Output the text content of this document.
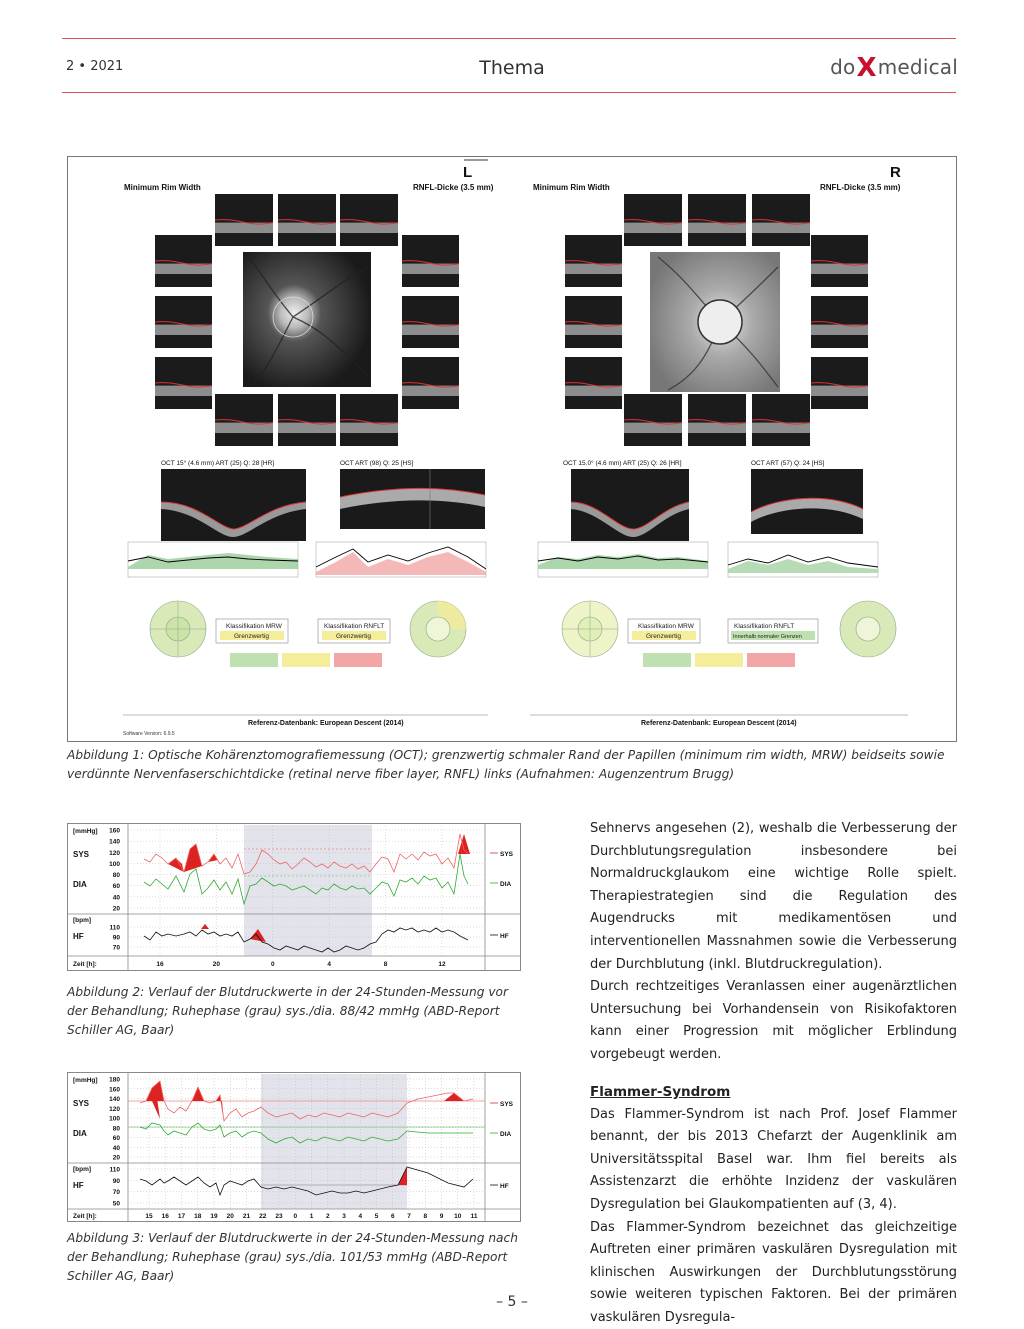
2 • 2021	Thema	doXmedical
L
Minimum Rim Width	RNFL-Dicke (3.5 mm)
OCT 15° (4.6 mm) ART (25) Q: 28 [HR]	OCT ART (98) Q: 25 [HS]
Klassifikation MRW
Grenzwertig
Klassifikation RNFLT
Grenzwertig
R
Minimum Rim Width	RNFL-Dicke (3.5 mm)
OCT 15.0° (4.6 mm) ART (25) Q: 26 [HR]	OCT ART (57) Q: 24 [HS]
Klassifikation MRW
Grenzwertig
Klassifikation RNFLT
Innerhalb normaler Grenzen
Referenz-Datenbank: European Descent (2014)	Referenz-Datenbank: European Descent (2014)
Software Version: 6.9.5
Abbildung 1: Optische Kohärenztomografiemessung (OCT); grenzwertig schmaler Rand der Papillen (minimum rim width, MRW) beidseits sowie verdünnte Nervenfaserschichtdicke (retinal nerve fiber layer, RNFL) links (Aufnahmen: Augenzentrum Brugg)
[mmHg]
SYS
DIA
[bpm]
HF
Zeit [h]:
160
140
120
100
80
60
40
20
110
90
70
16	20	0	4	8	12
SYS
DIA
HF
Abbildung 2: Verlauf der Blutdruckwerte in der 24-Stunden-Messung vor der Behandlung; Ruhephase (grau) sys./dia. 88/42 mmHg (ABD-Report Schiller AG, Baar)
[mmHg]
SYS
DIA
[bpm]
HF
Zeit [h]:
180
160
140
120
100
80
60
40
20
110
90
70
50
15 16 17 18 19 20 21 22 23 0 1 2 3 4 5 6 7 8 9 10 11
SYS
DIA
HF
Abbildung 3: Verlauf der Blutdruckwerte in der 24-Stunden-Messung nach der Behandlung; Ruhephase (grau) sys./dia. 101/53 mmHg (ABD-Report Schiller AG, Baar)

Sehnervs angesehen (2), weshalb die Verbesserung der Durchblutungsregulation insbesondere bei Normaldruckglaukom eine wichtige Rolle spielt. Therapiestrategien sind die Regulation des Augendrucks mit medikamentösen und interventionellen Massnahmen sowie die Verbesserung der Durchblutung (inkl. Blutdruckregulation).

Durch rechtzeitiges Veranlassen einer augenärztlichen Untersuchung bei Vorhandensein von Risikofaktoren kann einer Progression mit möglicher Erblindung vorgebeugt werden.

Flammer-Syndrom

Das Flammer-Syndrom ist nach Prof. Josef Flammer benannt, der bis 2013 Chefarzt der Augenklinik am Universitätsspital Basel war. Ihm fiel bereits als Assistenzarzt die erhöhte Inzidenz der vaskulären Dysregulation bei Glaukompatienten auf (3, 4).

Das Flammer-Syndrom bezeichnet das gleichzeitige Auftreten einer primären vaskulären Dysregulation mit klinischen Auswirkungen der Durchblutungsstörung sowie weiteren typischen Faktoren. Bei der primären vaskulären Dysregula-

– 5 –
